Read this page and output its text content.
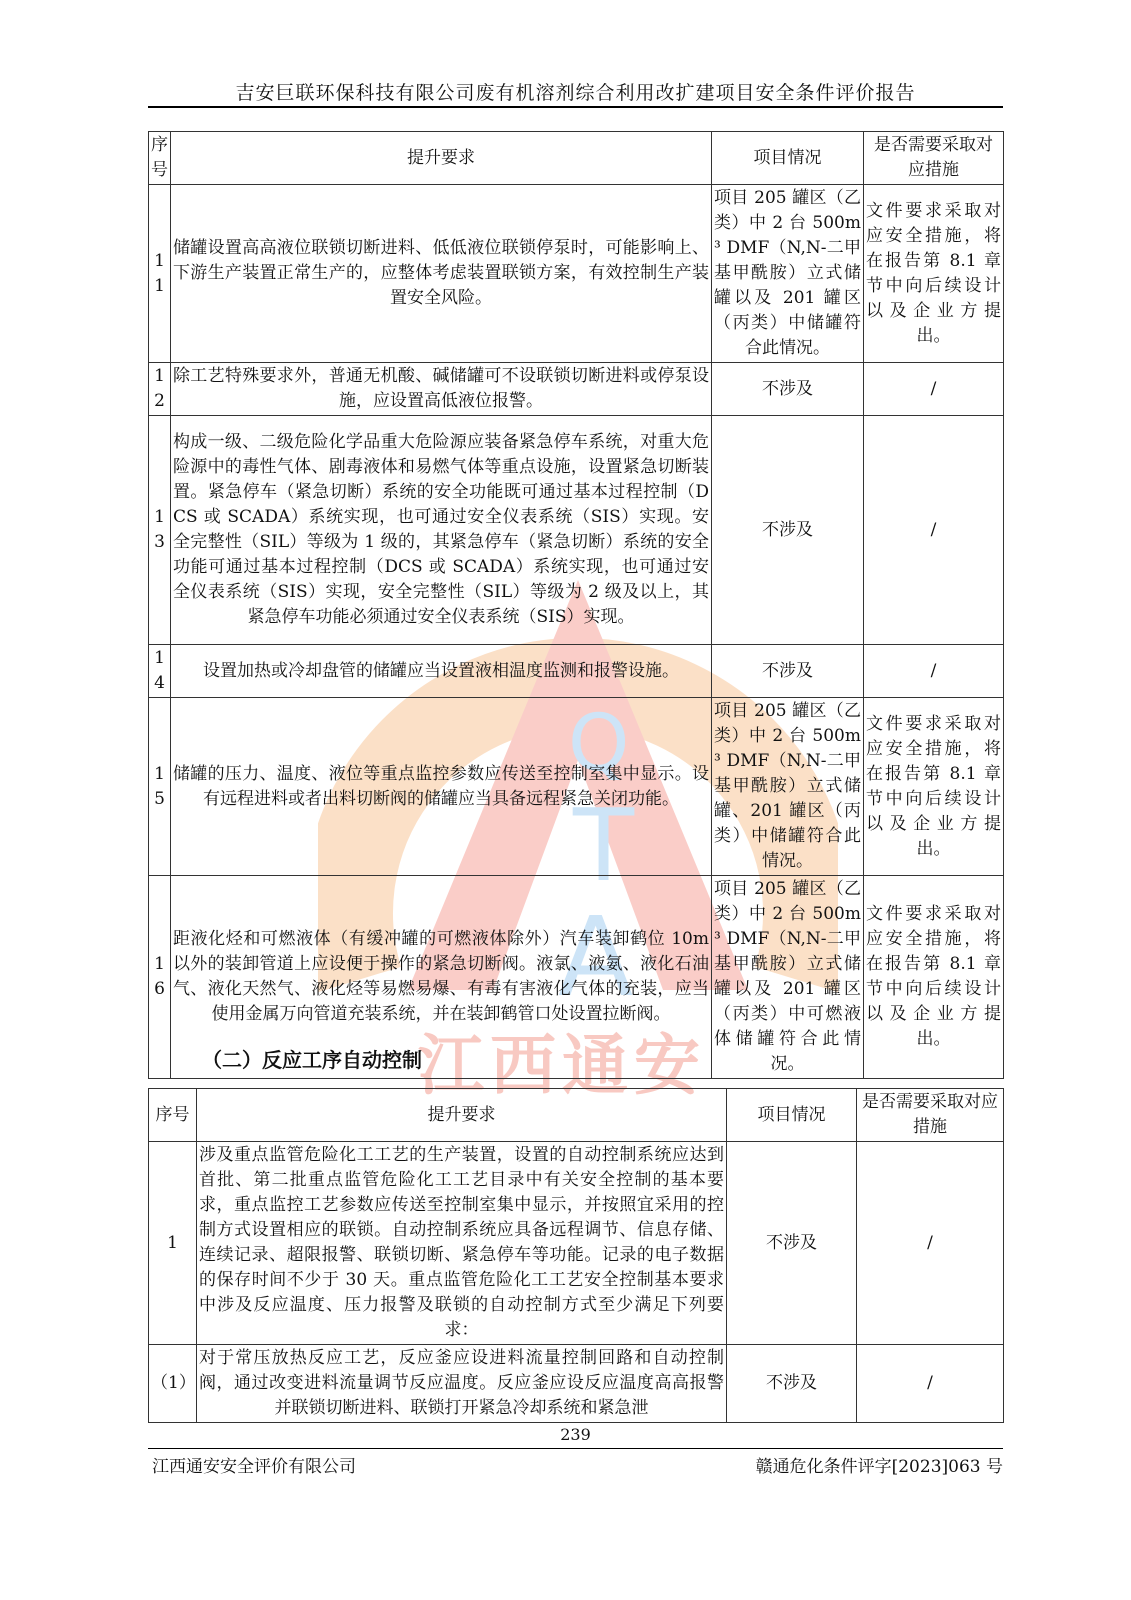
Q
T
A
江西通安
吉安巨联环保科技有限公司废有机溶剂综合利用改扩建项目安全条件评价报告
序号	提升要求	项目情况	是否需要采取对应措施
11	储罐设置高高液位联锁切断进料、低低液位联锁停泵时，可能影响上、下游生产装置正常生产的，应整体考虑装置联锁方案，有效控制生产装置安全风险。	项目 205 罐区（乙类）中 2 台 500m³ DMF（N,N-二甲基甲酰胺）立式储罐以及 201 罐区（丙类）中储罐符合此情况。	文件要求采取对应安全措施，将在报告第 8.1 章节中向后续设计以及企业方提出。
12	除工艺特殊要求外，普通无机酸、碱储罐可不设联锁切断进料或停泵设施，应设置高低液位报警。	不涉及	/
13	构成一级、二级危险化学品重大危险源应装备紧急停车系统，对重大危险源中的毒性气体、剧毒液体和易燃气体等重点设施，设置紧急切断装置。紧急停车（紧急切断）系统的安全功能既可通过基本过程控制（DCS 或 SCADA）系统实现，也可通过安全仪表系统（SIS）实现。安全完整性（SIL）等级为 1 级的，其紧急停车（紧急切断）系统的安全功能可通过基本过程控制（DCS 或 SCADA）系统实现，也可通过安全仪表系统（SIS）实现，安全完整性（SIL）等级为 2 级及以上，其紧急停车功能必须通过安全仪表系统（SIS）实现。	不涉及	/
14	设置加热或冷却盘管的储罐应当设置液相温度监测和报警设施。	不涉及	/
15	储罐的压力、温度、液位等重点监控参数应传送至控制室集中显示。设有远程进料或者出料切断阀的储罐应当具备远程紧急关闭功能。	项目 205 罐区（乙类）中 2 台 500m³ DMF（N,N-二甲基甲酰胺）立式储罐、201 罐区（丙类）中储罐符合此情况。	文件要求采取对应安全措施，将在报告第 8.1 章节中向后续设计以及企业方提出。
16	距液化烃和可燃液体（有缓冲罐的可燃液体除外）汽车装卸鹤位 10m 以外的装卸管道上应设便于操作的紧急切断阀。液氯、液氨、液化石油气、液化天然气、液化烃等易燃易爆、有毒有害液化气体的充装，应当使用金属万向管道充装系统，并在装卸鹤管口处设置拉断阀。	项目 205 罐区（乙类）中 2 台 500m³ DMF（N,N-二甲基甲酰胺）立式储罐以及 201 罐区（丙类）中可燃液体储罐符合此情况。	文件要求采取对应安全措施，将在报告第 8.1 章节中向后续设计以及企业方提出。
（二）反应工序自动控制
序号	提升要求	项目情况	是否需要采取对应措施
1	涉及重点监管危险化工工艺的生产装置，设置的自动控制系统应达到首批、第二批重点监管危险化工工艺目录中有关安全控制的基本要求，重点监控工艺参数应传送至控制室集中显示，并按照宜采用的控制方式设置相应的联锁。自动控制系统应具备远程调节、信息存储、连续记录、超限报警、联锁切断、紧急停车等功能。记录的电子数据的保存时间不少于 30 天。重点监管危险化工工艺安全控制基本要求中涉及反应温度、压力报警及联锁的自动控制方式至少满足下列要求：	不涉及	/
（1）	对于常压放热反应工艺，反应釜应设进料流量控制回路和自动控制阀，通过改变进料流量调节反应温度。反应釜应设反应温度高高报警并联锁切断进料、联锁打开紧急冷却系统和紧急泄	不涉及	/
239
江西通安安全评价有限公司	赣通危化条件评字[2023]063 号
